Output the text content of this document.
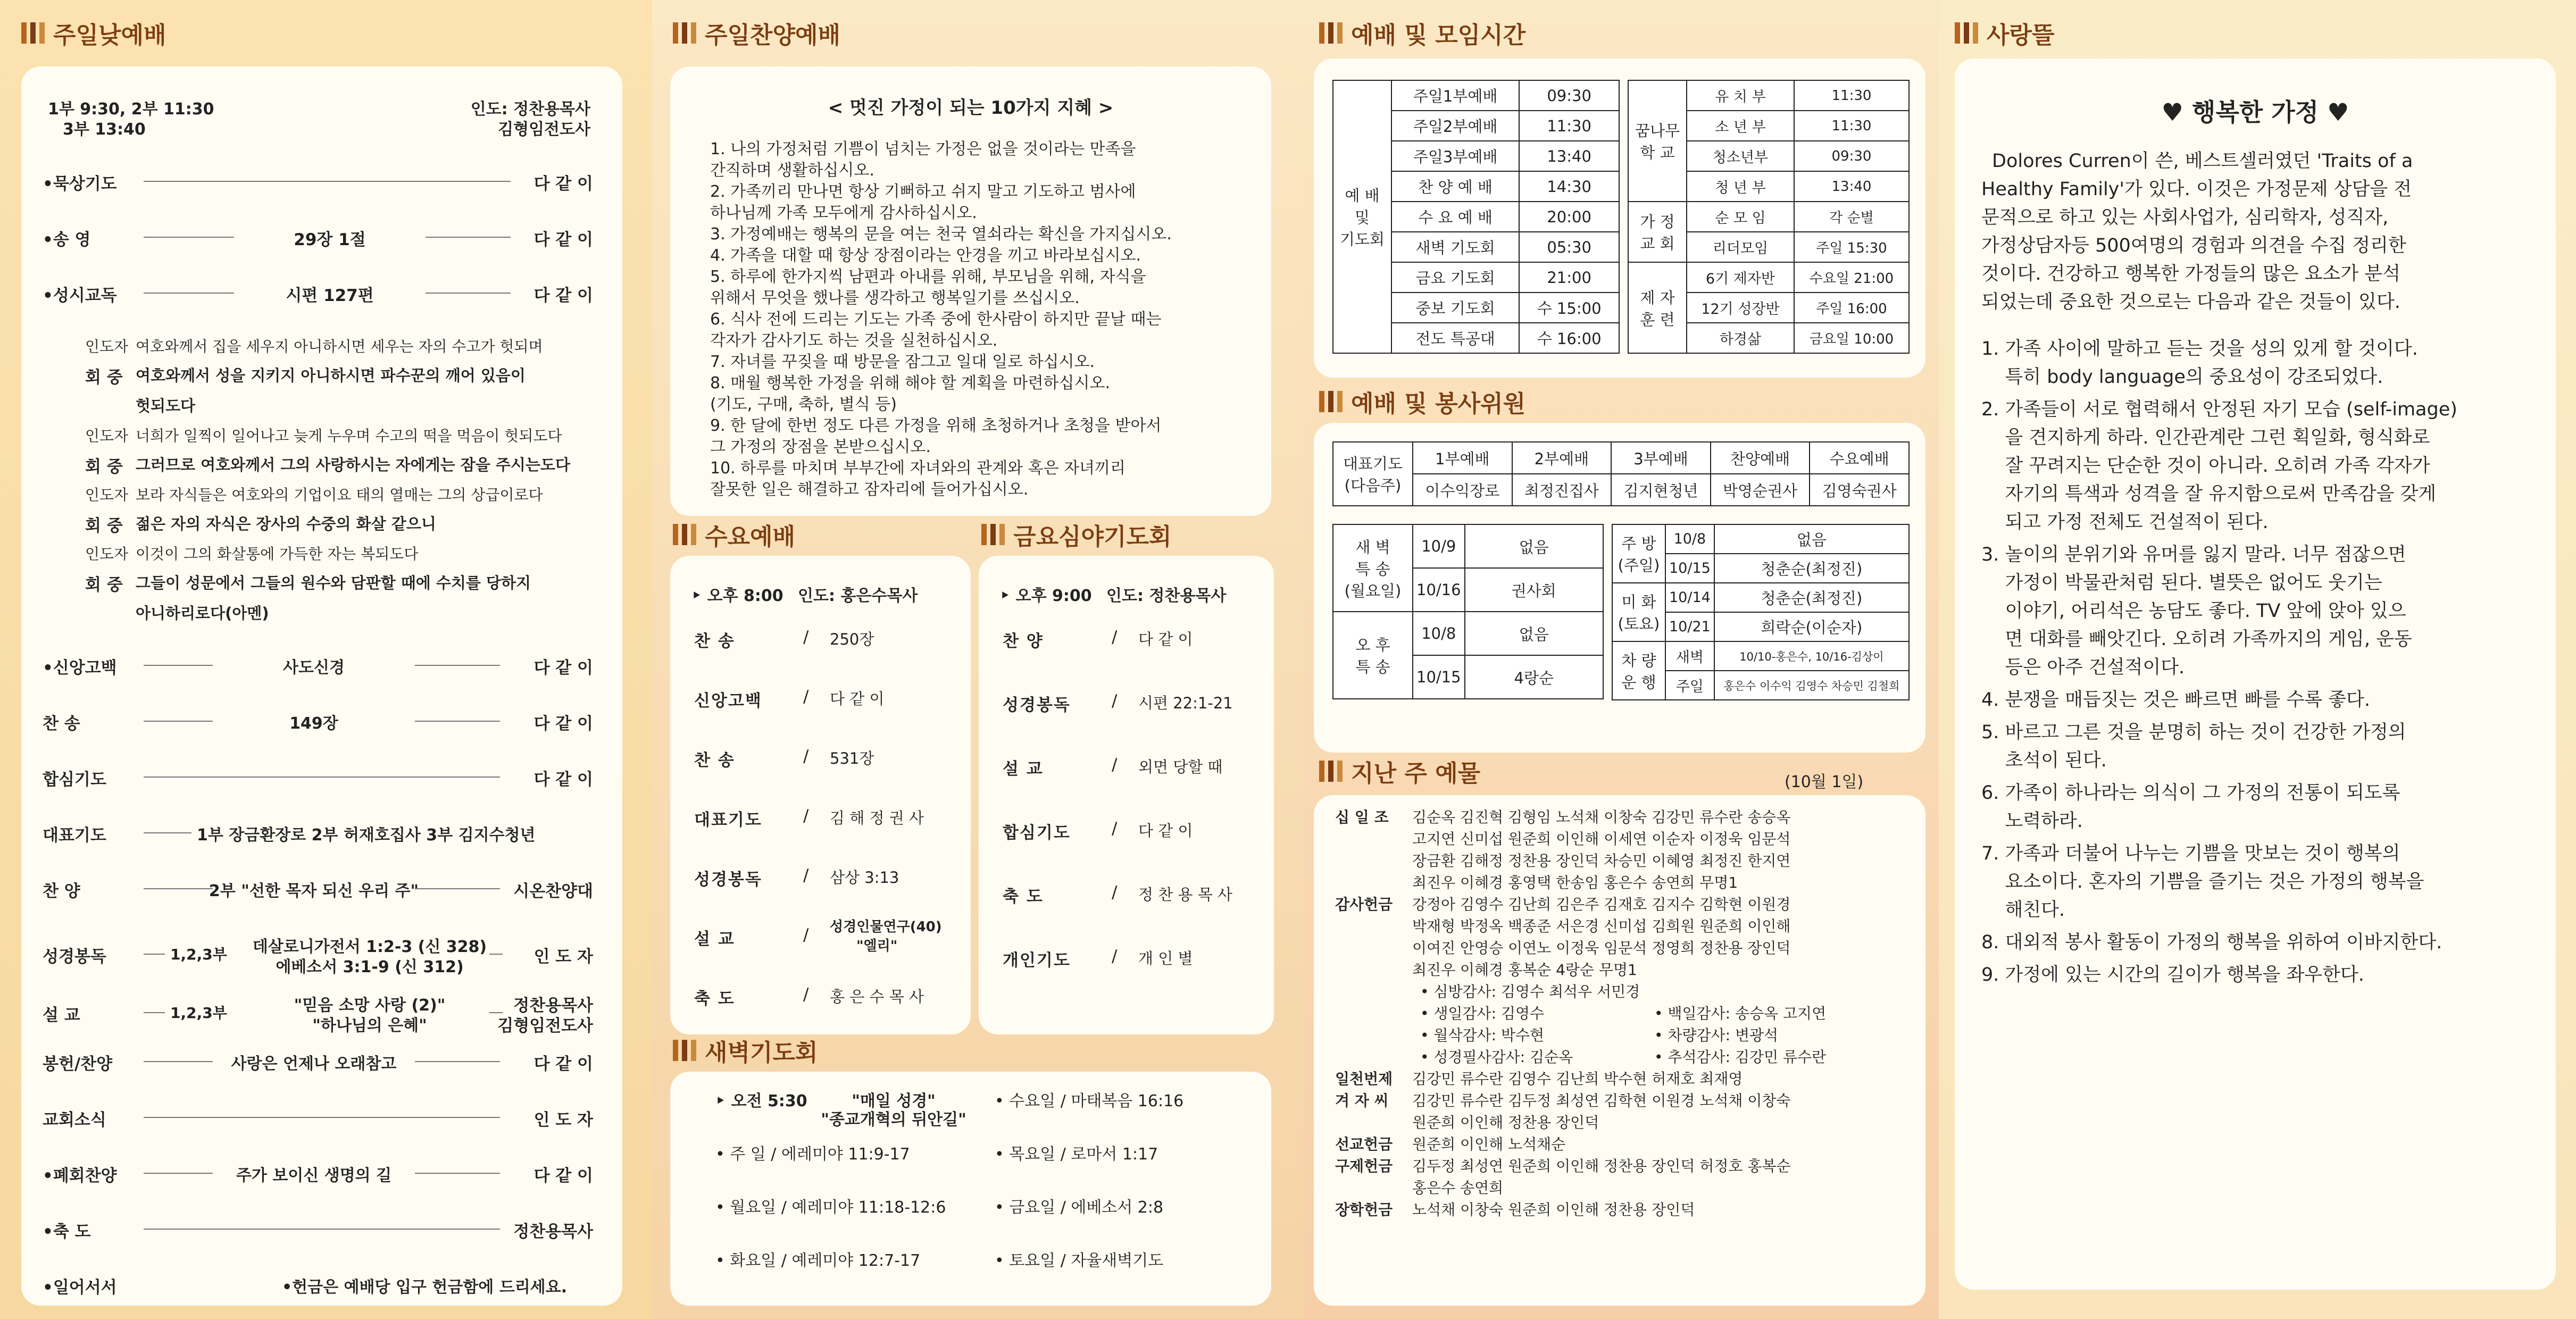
주일낮예배
1부 9:30, 2부 11:30
3부 13:40
인도: 정찬용목사
김형임전도사
•묵상기도	다 같 이
•송 영	29장 1절	다 같 이
•성시교독	시편 127편	다 같 이
인도자 여호와께서 집을 세우지 아니하시면 세우는 자의 수고가 헛되며
회 중 여호와께서 성을 지키지 아니하시면 파수꾼의 깨어 있음이
헛되도다
인도자 너희가 일찍이 일어나고 늦게 누우며 수고의 떡을 먹음이 헛되도다
회 중 그러므로 여호와께서 그의 사랑하시는 자에게는 잠을 주시는도다
인도자 보라 자식들은 여호와의 기업이요 태의 열매는 그의 상급이로다
회 중 젊은 자의 자식은 장사의 수중의 화살 같으니
인도자 이것이 그의 화살통에 가득한 자는 복되도다
회 중 그들이 성문에서 그들의 원수와 담판할 때에 수치를 당하지
아니하리로다(아멘)
•신앙고백	사도신경	다 같 이
찬 송	149장	다 같 이
합심기도	다 같 이
대표기도	1부 장금환장로 2부 허재호집사 3부 김지수청년
찬 양	2부 "선한 목자 되신 우리 주"	시온찬양대
성경봉독	1,2,3부	데살로니가전서 1:2-3 (신 328)
에베소서 3:1-9 (신 312)
인 도 자
설 교	1,2,3부	"믿음 소망 사랑 (2)"
"하나님의 은혜"
정찬용목사
김형임전도사
봉헌/찬양	사랑은 언제나 오래참고	다 같 이
교회소식	인 도 자
•폐회찬양	주가 보이신 생명의 길	다 같 이
•축 도	정찬용목사
•일어서서	•헌금은 예배당 입구 헌금함에 드리세요.
주일찬양예배
< 멋진 가정이 되는 10가지 지혜 >
1. 나의 가정처럼 기쁨이 넘치는 가정은 없을 것이라는 만족을
간직하며 생활하십시오.
2. 가족끼리 만나면 항상 기뻐하고 쉬지 말고 기도하고 범사에
하나님께 가족 모두에게 감사하십시오.
3. 가정예배는 행복의 문을 여는 천국 열쇠라는 확신을 가지십시오.
4. 가족을 대할 때 항상 장점이라는 안경을 끼고 바라보십시오.
5. 하루에 한가지씩 남편과 아내를 위해, 부모님을 위해, 자식을
위해서 무엇을 했나를 생각하고 행복일기를 쓰십시오.
6. 식사 전에 드리는 기도는 가족 중에 한사람이 하지만 끝날 때는
각자가 감사기도 하는 것을 실천하십시오.
7. 자녀를 꾸짖을 때 방문을 잠그고 일대 일로 하십시오.
8. 매월 행복한 가정을 위해 해야 할 계획을 마련하십시오.
(기도, 구매, 축하, 별식 등)
9. 한 달에 한번 정도 다른 가정을 위해 초청하거나 초청을 받아서
그 가정의 장점을 본받으십시오.
10. 하루를 마치며 부부간에 자녀와의 관계와 혹은 자녀끼리
잘못한 일은 해결하고 잠자리에 들어가십시오.
수요예배
‣ 오후 8:00 인도: 홍은수목사
찬 송	/ 250장
신앙고백 / 다 같 이
찬 송	/ 531장
대표기도 / 김 해 정 권 사
성경봉독 / 삼상 3:13
설 교	/ 성경인물연구(40)
"엘리"
축 도	/ 홍 은 수 목 사
금요심야기도회
‣ 오후 9:00 인도: 정찬용목사
찬 양	/ 다 같 이
성경봉독 / 시편 22:1-21
설 교	/ 외면 당할 때
합심기도 / 다 같 이
축 도	/ 정 찬 용 목 사
개인기도 / 개 인 별
새벽기도회
‣ 오전 5:30	"매일 성경"
"종교개혁의 뒤안길"
• 주 일 / 에레미야 11:9-17
• 월요일 / 예레미야 11:18-12:6
• 화요일 / 예레미야 12:7-17
• 수요일 / 마태복음 16:16
• 목요일 / 로마서 1:17
• 금요일 / 에베소서 2:8
• 토요일 / 자율새벽기도
예배 및 모임시간
예 배
및
기도회	주일1부예배	09:30
	주일2부예배	11:30
	주일3부예배	13:40
	찬 양 예 배	14:30
	수 요 예 배	20:00
	새벽 기도회	05:30
	금요 기도회	21:00
	중보 기도회	수 15:00
	전도 특공대	수 16:00
꿈나무
학 교	유 치 부	11:30
	소 년 부	11:30
	청소년부	09:30
	청 년 부	13:40
가 정
교 회	순 모 임	각 순별
	리더모임	주일 15:30
제 자
훈 련	6기 제자반	수요일 21:00
	12기 성장반	주일 16:00
	하경삶	금요일 10:00
예배 및 봉사위원
대표기도
(다음주)	1부예배	2부예배	3부예배	찬양예배	수요예배
	이수익장로	최정진집사	김지현청년	박영순권사	김영숙권사
새 벽
특 송
(월요일)	10/9	없음
	10/16	권사회
오 후
특 송	10/8	없음
	10/15	4랑순
주 방
(주일)	10/8	없음
	10/15	청춘순(최정진)
미 화
(토요)	10/14	청춘순(최정진)
	10/21	희락순(이순자)
차 량
운 행	새벽	10/10-홍은수, 10/16-김상이
	주일	홍은수 이수익 김영수 차승민 김철희
지난 주 예물	(10월 1일)
십 일 조 김순옥 김진혁 김형임 노석채 이창숙 김강민 류수란 송승옥
고지연 신미섭 원준희 이인해 이세연 이순자 이정욱 임문석
장금환 김해정 정찬용 장인덕 차승민 이혜영 최정진 한지연
최진우 이혜경 홍영택 한송임 홍은수 송연희 무명1
감사헌금 강정아 김영수 김난희 김은주 김재호 김지수 김학현 이원경
박재형 박정옥 백종준 서은경 신미섭 김희원 원준희 이인해
이여진 안영승 이연노 이정욱 임문석 정영희 정찬용 장인덕
최진우 이혜경 홍복순 4랑순 무명1
• 심방감사: 김영수 최석우 서민경
• 생일감사: 김영수	• 백일감사: 송승옥 고지연
• 월삭감사: 박수현	• 차량감사: 변광석
• 성경필사감사: 김순옥	• 추석감사: 김강민 류수란
일천번제 김강민 류수란 김영수 김난희 박수현 허재호 최재영
겨 자 씨 김강민 류수란 김두정 최성연 김학현 이원경 노석채 이창숙
원준희 이인해 정찬용 장인덕
선교헌금 원준희 이인해 노석채순
구제헌금 김두정 최성연 원준희 이인해 정찬용 장인덕 허정호 홍복순
홍은수 송연희
장학헌금 노석채 이창숙 원준희 이인해 정찬용 장인덕
사랑뜰
♥ 행복한 가정 ♥
Dolores Curren이 쓴, 베스트셀러였던 'Traits of a
Healthy Family'가 있다. 이것은 가정문제 상담을 전
문적으로 하고 있는 사회사업가, 심리학자, 성직자,
가정상담자등 500여명의 경험과 의견을 수집 정리한
것이다. 건강하고 행복한 가정들의 많은 요소가 분석
되었는데 중요한 것으로는 다음과 같은 것들이 있다.
1. 가족 사이에 말하고 듣는 것을 성의 있게 할 것이다.
특히 body language의 중요성이 강조되었다.
2. 가족들이 서로 협력해서 안정된 자기 모습 (self-image)
을 견지하게 하라. 인간관계란 그런 획일화, 형식화로
잘 꾸려지는 단순한 것이 아니라. 오히려 가족 각자가
자기의 특색과 성격을 잘 유지함으로써 만족감을 갖게
되고 가정 전체도 건설적이 된다.
3. 놀이의 분위기와 유머를 잃지 말라. 너무 점잖으면
가정이 박물관처럼 된다. 별뜻은 없어도 웃기는
이야기, 어리석은 농담도 좋다. TV 앞에 앉아 있으
면 대화를 빼앗긴다. 오히려 가족까지의 게임, 운동
등은 아주 건설적이다.
4. 분쟁을 매듭짓는 것은 빠르면 빠를 수록 좋다.
5. 바르고 그른 것을 분명히 하는 것이 건강한 가정의
초석이 된다.
6. 가족이 하나라는 의식이 그 가정의 전통이 되도록
노력하라.
7. 가족과 더불어 나누는 기쁨을 맛보는 것이 행복의
요소이다. 혼자의 기쁨을 즐기는 것은 가정의 행복을
해친다.
8. 대외적 봉사 활동이 가정의 행복을 위하여 이바지한다.
9. 가정에 있는 시간의 길이가 행복을 좌우한다.
